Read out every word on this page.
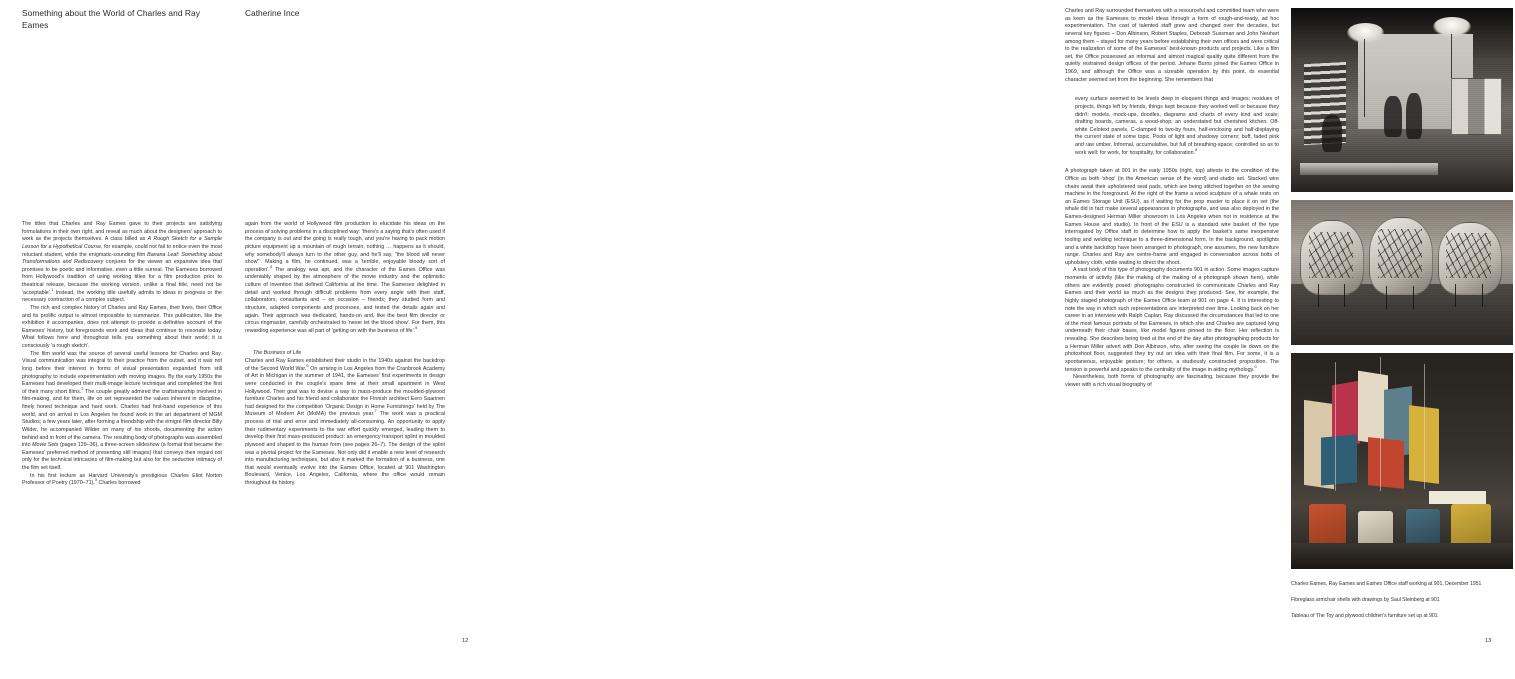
Something about the World of Charles and Ray Eames
Catherine Ince

The titles that Charles and Ray Eames gave to their projects are satisfying formulations in their own right, and reveal as much about the designers' approach to work as the projects themselves. A class billed as A Rough Sketch for a Sample Lesson for a Hypothetical Course, for example, could not fail to entice even the most reluctant student, while the enigmatic-sounding film Banana Leaf: Something about Transformations and Rediscovery conjures for the viewer an expansive idea that promises to be poetic and informative, even a little surreal. The Eameses borrowed from Hollywood's tradition of using working titles for a film production prior to theatrical release, because the working version, unlike a final title, need not be 'acceptable'.$^1$ Instead, the working title usefully admits to ideas in progress or the necessary contraction of a complex subject.

The rich and complex history of Charles and Ray Eames, their lives, their Office and its prolific output is almost impossible to summarize. This publication, like the exhibition it accompanies, does not attempt to provide a definitive account of the Eameses' history, but foregrounds work and ideas that continue to resonate today. What follows here and throughout tells you something about their world; it is consciously 'a rough sketch'.

The film world was the source of several useful lessons for Charles and Ray. Visual communication was integral to their practice from the outset, and it was not long before their interest in forms of visual presentation expanded from still photography to include experimentation with moving images. By the early 1950s the Eameses had developed their multi-image lecture technique and completed the first of their many short films.$^2$ The couple greatly admired the craftsmanship involved in film-making, and for them, life on set represented the values inherent in discipline, finely honed technique and hard work. Charles had first-hand experience of this world, and on arrival in Los Angeles he found work in the art department of MGM Studios; a few years later, after forming a friendship with the émigré film director Billy Wilder, he accompanied Wilder on many of his shoots, documenting the action behind and in front of the camera. The resulting body of photographs was assembled into Movie Sets (pages 129–36), a three-screen slideshow (a format that became the Eameses' preferred method of presenting still images) that conveys their regard not only for the technical intricacies of film-making but also for the seductive intimacy of the film set itself.

In his first lecture as Harvard University's prestigious Charles Eliot Norton Professor of Poetry (1970–71),$^3$ Charles borrowed

again from the world of Hollywood film production to elucidate his ideas on the process of solving problems in a disciplined way: 'there's a saying that's often used if the company is out and the going is really tough, and you're having to pack motion picture equipment up a mountain of rough terrain, nothing … happens as it should, why somebody'll always turn to the other guy, and he'll say, "the blood will never show"'. Making a film, he continued, was a 'terrible, enjoyable bloody sort of operation'.$^4$ The analogy was apt, and the character of the Eames Office was undeniably shaped by the atmosphere of the movie industry and the optimistic culture of invention that defined California at the time. The Eameses delighted in detail and worked through difficult problems from every angle with their staff, collaborators, consultants and – on occasion – friends; they studied form and structure, adapted components and processes, and tested the details again and again. Their approach was dedicated, hands-on and, like the best film director or circus ringmaster, carefully orchestrated to 'never let the blood show'. For them, this rewarding experience was all part of 'getting on with the business of life'.$^5$

The Business of Life

Charles and Ray Eames established their studio in the 1940s against the backdrop of the Second World War.$^6$ On arriving in Los Angeles from the Cranbrook Academy of Art in Michigan in the summer of 1941, the Eameses' first experiments in design were conducted in the couple's spare time at their small apartment in West Hollywood. Their goal was to devise a way to mass-produce the moulded-plywood furniture Charles and his friend and collaborator the Finnish architect Eero Saarinen had designed for the competition 'Organic Design in Home Furnishings' held by The Museum of Modern Art (MoMA) the previous year.$^7$ The work was a practical process of trial and error and immediately all-consuming. An opportunity to apply their rudimentary experiments to the war effort quickly emerged, leading them to develop their first mass-produced product: an emergency transport splint in moulded plywood and shaped to the human form (see pages 26–7). The design of the splint was a pivotal project for the Eameses. Not only did it enable a new level of research into manufacturing techniques, but also it marked the formation of a business, one that would eventually evolve into the Eames Office, located at 901 Washington Boulevard, Venice, Los Angeles, California, where the office would remain throughout its history.

12

Charles and Ray surrounded themselves with a resourceful and committed team who were as keen as the Eameses to model ideas through a form of rough-and-ready, ad hoc experimentation. The cast of talented staff grew and changed over the decades, but several key figures – Don Albinson, Robert Staples, Deborah Sussman and John Neuhart among them – stayed for many years before establishing their own offices and were critical to the realization of some of the Eameses' best-known products and projects. Like a film set, the Office possessed an informal and almost magical quality quite different from the quietly restrained design offices of the period. Jehane Burns joined the Eames Office in 1969, and although the Office was a sizeable operation by this point, its essential character seemed set from the beginning. She remembers that

every surface seemed to be levels deep in eloquent things and images; residues of projects, things left by friends, things kept because they worked well or because they didn't: models, mock-ups, doodles, diagrams and charts of every kind and scale; drafting boards, cameras, a wood-shop; an understated but cherished kitchen. Off-white Celotext panels, C-clamped to two-by fours, half-enclosing and half-displaying the current state of some topic. Pools of light and shadowy corners; buff, faded pink and raw umber. Informal, accumulative, but full of breathing-space; controlled so as to work well: for work, for hospitality, for collaboration.$^8$

A photograph taken at 901 in the early 1950s (right, top) attests to the condition of the Office as both 'shop' (in the American sense of the word) and studio set. Stacked wire chairs await their upholstered seat pads, which are being stitched together on the sewing machine in the foreground. At the right of the frame a wood sculpture of a whale rests on an Eames Storage Unit (ESU), as if waiting for the prop master to place it on set (the whale did in fact make several appearances in photographs, and was also deployed in the Eames-designed Herman Miller showroom in Los Angeles when not in residence at the Eames House and studio). In front of the ESU is a standard wire basket of the type interrogated by Office staff to determine how to apply the basket's same inexpensive tooling and welding technique to a three-dimensional form. In the background, spotlights and a white backdrop have been arranged to photograph, one assumes, the new furniture range. Charles and Ray are centre-frame and engaged in conversation across bolts of upholstery cloth, while waiting to direct the shoot.

A vast body of this type of photography documents 901 in action. Some images capture moments of activity (like the making of the making of a photograph shown here), while others are evidently posed: photographs constructed to communicate Charles and Ray Eames and their world as much as the designs they produced. See, for example, the highly staged photograph of the Eames Office team at 901 on page 4. It is interesting to note the way in which such representations are interpreted over time. Looking back on her career in an interview with Ralph Caplan, Ray discussed the circumstances that led to one of the most famous portraits of the Eameses, in which she and Charles are captured lying underneath their chair bases, like model figures pinned to the floor. Her reflection is revealing. She describes being tired at the end of the day after photographing products for a Herman Miller advert with Don Albinson, who, after seeing the couple lie down on the photoshoot floor, suggested they try out an idea with their final film. For some, it is a spontaneous, enjoyable gesture; for others, a studiously constructed proposition. The tension is powerful and speaks to the centrality of the image in aiding mythology.$^9$

Nevertheless, both forms of photography are fascinating, because they provide the viewer with a rich visual biography of

Charles Eames, Ray Eames and Eames Office staff working at 901, December 1951
Fibreglass armchair shells with drawings by Saul Steinberg at 901
Tableau of The Toy and plywood children's furniture set up at 901
13
